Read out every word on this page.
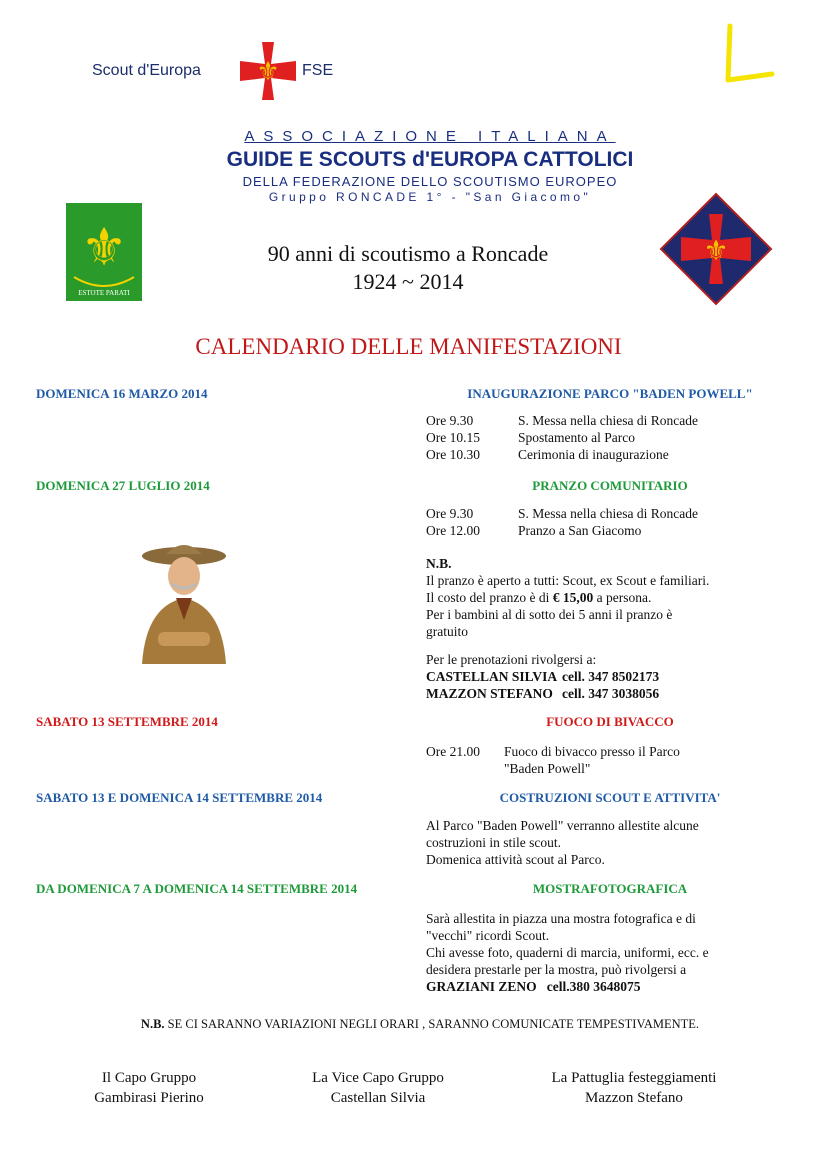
Scout d'Europa ⚜ FSE
ASSOCIAZIONE ITALIANA
GUIDE E SCOUTS d'EUROPA CATTOLICI
DELLA FEDERAZIONE DELLO SCOUTISMO EUROPEO
Gruppo RONCADE 1° - "San Giacomo"
⚜
ESTOTE PARATI
⚜
90 anni di scoutismo a Roncade
1924 ~ 2014
CALENDARIO DELLE MANIFESTAZIONI
DOMENICA 16 MARZO 2014	INAUGURAZIONE PARCO "BADEN POWELL"
Ore 9.30	S. Messa nella chiesa di Roncade
Ore 10.15	Spostamento al Parco
Ore 10.30	Cerimonia di inaugurazione
DOMENICA 27 LUGLIO 2014	PRANZO COMUNITARIO
Ore 9.30	S. Messa nella chiesa di Roncade
Ore 12.00	Pranzo a San Giacomo
N.B.
Il pranzo è aperto a tutti: Scout, ex Scout e familiari.
Il costo del pranzo è di € 15,00 a persona.
Per i bambini al di sotto dei 5 anni il pranzo è
gratuito
Per le prenotazioni rivolgersi a:
CASTELLAN SILVIA cell. 347 8502173
MAZZON STEFANO cell. 347 3038056
SABATO 13 SETTEMBRE 2014	FUOCO DI BIVACCO
Ore 21.00	Fuoco di bivacco presso il Parco
"Baden Powell"
SABATO 13 E DOMENICA 14 SETTEMBRE 2014	COSTRUZIONI SCOUT E ATTIVITA'
Al Parco "Baden Powell" verranno allestite alcune
costruzioni in stile scout.
Domenica attività scout al Parco.
DA DOMENICA 7 A DOMENICA 14 SETTEMBRE 2014	MOSTRAFOTOGRAFICA
Sarà allestita in piazza una mostra fotografica e di
"vecchi" ricordi Scout.
Chi avesse foto, quaderni di marcia, uniformi, ecc. e
desidera prestarle per la mostra, può rivolgersi a
GRAZIANI ZENO cell.380 3648075
N.B. SE CI SARANNO VARIAZIONI NEGLI ORARI , SARANNO COMUNICATE TEMPESTIVAMENTE.
Il Capo Gruppo
Gambirasi Pierino
La Vice Capo Gruppo
Castellan Silvia
La Pattuglia festeggiamenti
Mazzon Stefano
